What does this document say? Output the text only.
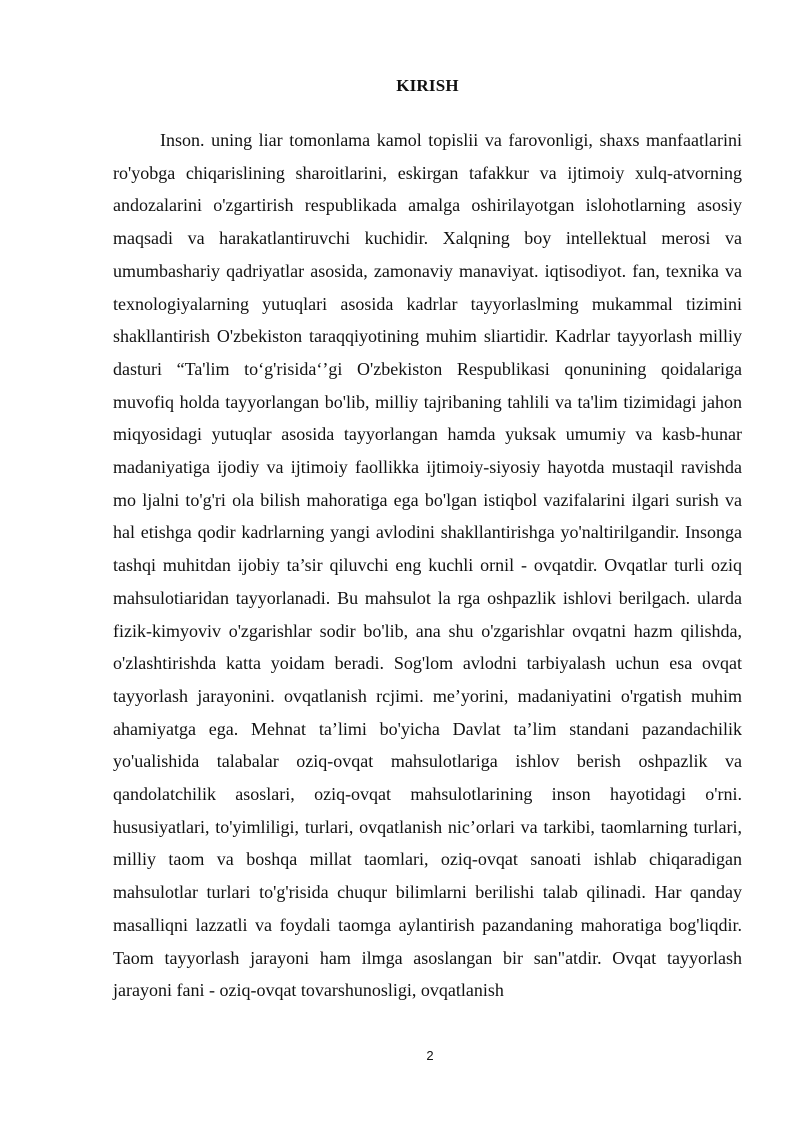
KIRISH

Inson. uning liar tomonlama kamol topislii va farovonligi, shaxs manfaatlarini ro'yobga chiqarislining sharoitlarini, eskirgan tafakkur va ijtimoiy xulq-atvorning andozalarini o'zgartirish respublikada amalga oshirilayotgan islohotlarning asosiy maqsadi va harakatlantiruvchi kuchidir. Xalqning boy intellektual merosi va umumbashariy qadriyatlar asosida, zamonaviy manaviyat. iqtisodiyot. fan, texnika va texnologiyalarning yutuqlari asosida kadrlar tayyorlaslming mukammal tizimini shakllantirish O'zbekiston taraqqiyotining muhim sliartidir. Kadrlar tayyorlash milliy dasturi “Ta'lim to‘g'risida‘’gi O'zbekiston Respublikasi qonunining qoidalariga muvofiq holda tayyorlangan bo'lib, milliy tajribaning tahlili va ta'lim tizimidagi jahon miqyosidagi yutuqlar asosida tayyorlangan hamda yuksak umumiy va kasb-hunar madaniyatiga ijodiy va ijtimoiy faollikka ijtimoiy-siyosiy hayotda mustaqil ravishda mo ljalni to'g'ri ola bilish mahoratiga ega bo'lgan istiqbol vazifalarini ilgari surish va hal etishga qodir kadrlarning yangi avlodini shakllantirishga yo'naltirilgandir. Insonga tashqi muhitdan ijobiy ta’sir qiluvchi eng kuchli ornil - ovqatdir. Ovqatlar turli oziq mahsulotiaridan tayyorlanadi. Bu mahsulot la rga oshpazlik ishlovi berilgach. ularda fizik-kimyoviv o'zgarishlar sodir bo'lib, ana shu o'zgarishlar ovqatni hazm qilishda, o'zlashtirishda katta yoidam beradi. Sog'lom avlodni tarbiyalash uchun esa ovqat tayyorlash jarayonini. ovqatlanish rcjimi. me’yorini, madaniyatini o'rgatish muhim ahamiyatga ega. Mehnat ta’limi bo'yicha Davlat ta’lim standani pazandachilik yo'ualishida talabalar oziq-ovqat mahsulotlariga ishlov berish oshpazlik va qandolatchilik asoslari, oziq-ovqat mahsulotlarining inson hayotidagi o'rni. hususiyatlari, to'yimliligi, turlari, ovqatlanish nic’orlari va tarkibi, taomlarning turlari, milliy taom va boshqa millat taomlari, oziq-ovqat sanoati ishlab chiqaradigan mahsulotlar turlari to'g'risida chuqur bilimlarni berilishi talab qilinadi. Har qanday masalliqni lazzatli va foydali taomga aylantirish pazandaning mahoratiga bog'liqdir. Taom tayyorlash jarayoni ham ilmga asoslangan bir san"atdir. Ovqat tayyorlash jarayoni fani - oziq-ovqat tovarshunosligi, ovqatlanish

2
